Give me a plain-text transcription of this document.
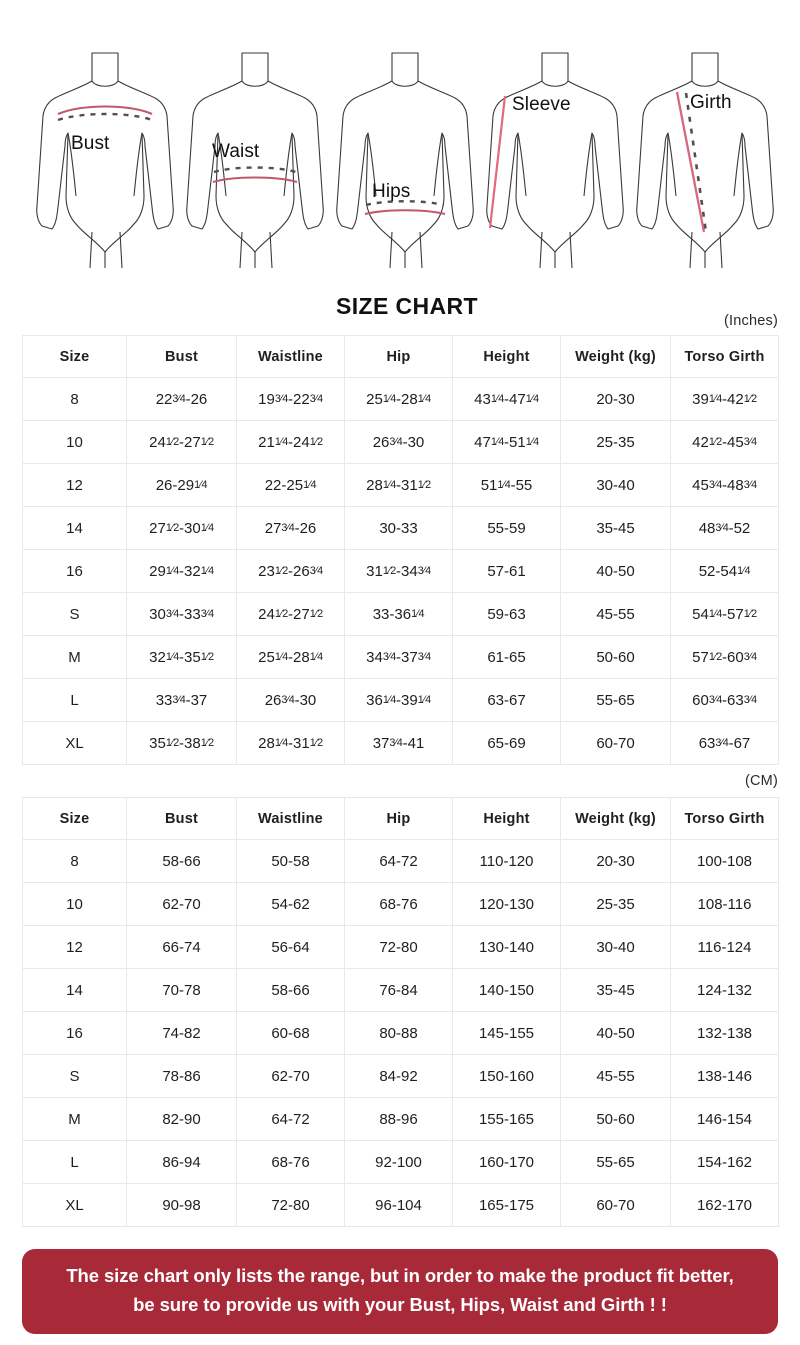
Bust	Waist
Hips
Sleeve	Girth
SIZE CHART
(Inches)
Size	Bust	Waistline	Hip	Height	Weight (kg)	Torso Girth
8	223⁄4-26	193⁄4-223⁄4	251⁄4-281⁄4	431⁄4-471⁄4	20-30	391⁄4-421⁄2
10	241⁄2-271⁄2	211⁄4-241⁄2	263⁄4-30	471⁄4-511⁄4	25-35	421⁄2-453⁄4
12	26-291⁄4	22-251⁄4	281⁄4-311⁄2	511⁄4-55	30-40	453⁄4-483⁄4
14	271⁄2-301⁄4	273⁄4-26	30-33	55-59	35-45	483⁄4-52
16	291⁄4-321⁄4	231⁄2-263⁄4	311⁄2-343⁄4	57-61	40-50	52-541⁄4
S	303⁄4-333⁄4	241⁄2-271⁄2	33-361⁄4	59-63	45-55	541⁄4-571⁄2
M	321⁄4-351⁄2	251⁄4-281⁄4	343⁄4-373⁄4	61-65	50-60	571⁄2-603⁄4
L	333⁄4-37	263⁄4-30	361⁄4-391⁄4	63-67	55-65	603⁄4-633⁄4
XL	351⁄2-381⁄2	281⁄4-311⁄2	373⁄4-41	65-69	60-70	633⁄4-67
(CM)
Size	Bust	Waistline	Hip	Height	Weight (kg)	Torso Girth
8	58-66	50-58	64-72	110-120	20-30	100-108
10	62-70	54-62	68-76	120-130	25-35	108-116
12	66-74	56-64	72-80	130-140	30-40	116-124
14	70-78	58-66	76-84	140-150	35-45	124-132
16	74-82	60-68	80-88	145-155	40-50	132-138
S	78-86	62-70	84-92	150-160	45-55	138-146
M	82-90	64-72	88-96	155-165	50-60	146-154
L	86-94	68-76	92-100	160-170	55-65	154-162
XL	90-98	72-80	96-104	165-175	60-70	162-170
The size chart only lists the range, but in order to make the product fit better, be sure to provide us with your Bust, Hips, Waist and Girth ! !
